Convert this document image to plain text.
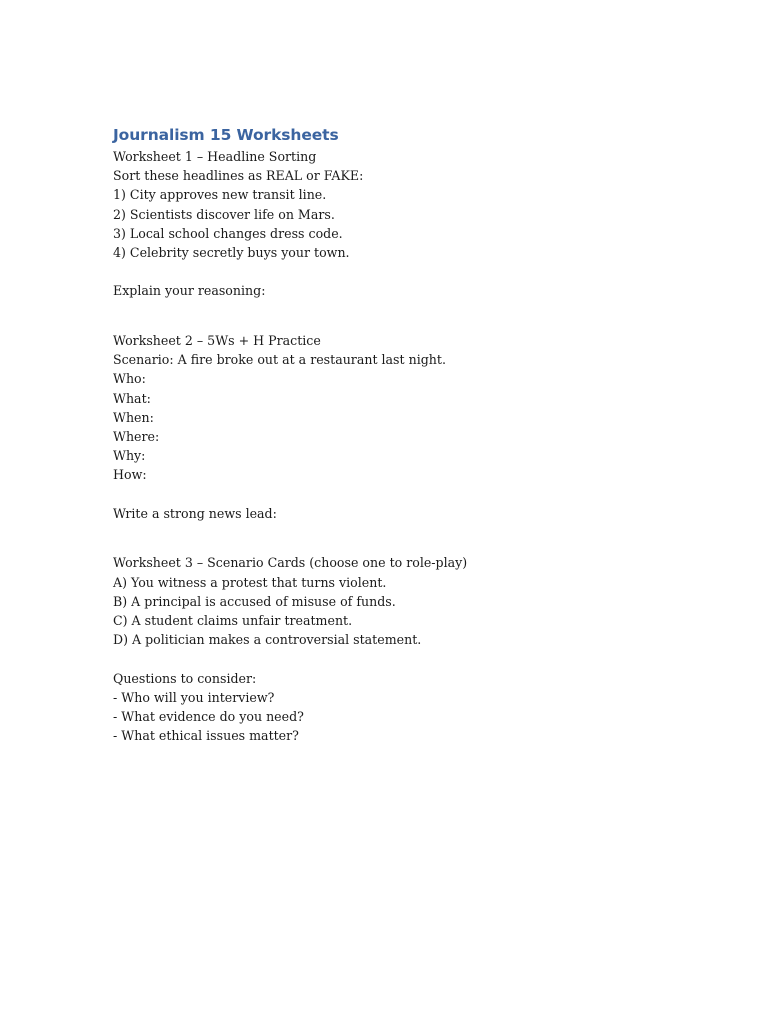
Journalism 15 Worksheets
Worksheet 1 – Headline Sorting
Sort these headlines as REAL or FAKE:
1) City approves new transit line.
2) Scientists discover life on Mars.
3) Local school changes dress code.
4) Celebrity secretly buys your town.
Explain your reasoning:
Worksheet 2 – 5Ws + H Practice
Scenario: A fire broke out at a restaurant last night.
Who:
What:
When:
Where:
Why:
How:
Write a strong news lead:
Worksheet 3 – Scenario Cards (choose one to role-play)
A) You witness a protest that turns violent.
B) A principal is accused of misuse of funds.
C) A student claims unfair treatment.
D) A politician makes a controversial statement.
Questions to consider:
- Who will you interview?
- What evidence do you need?
- What ethical issues matter?
